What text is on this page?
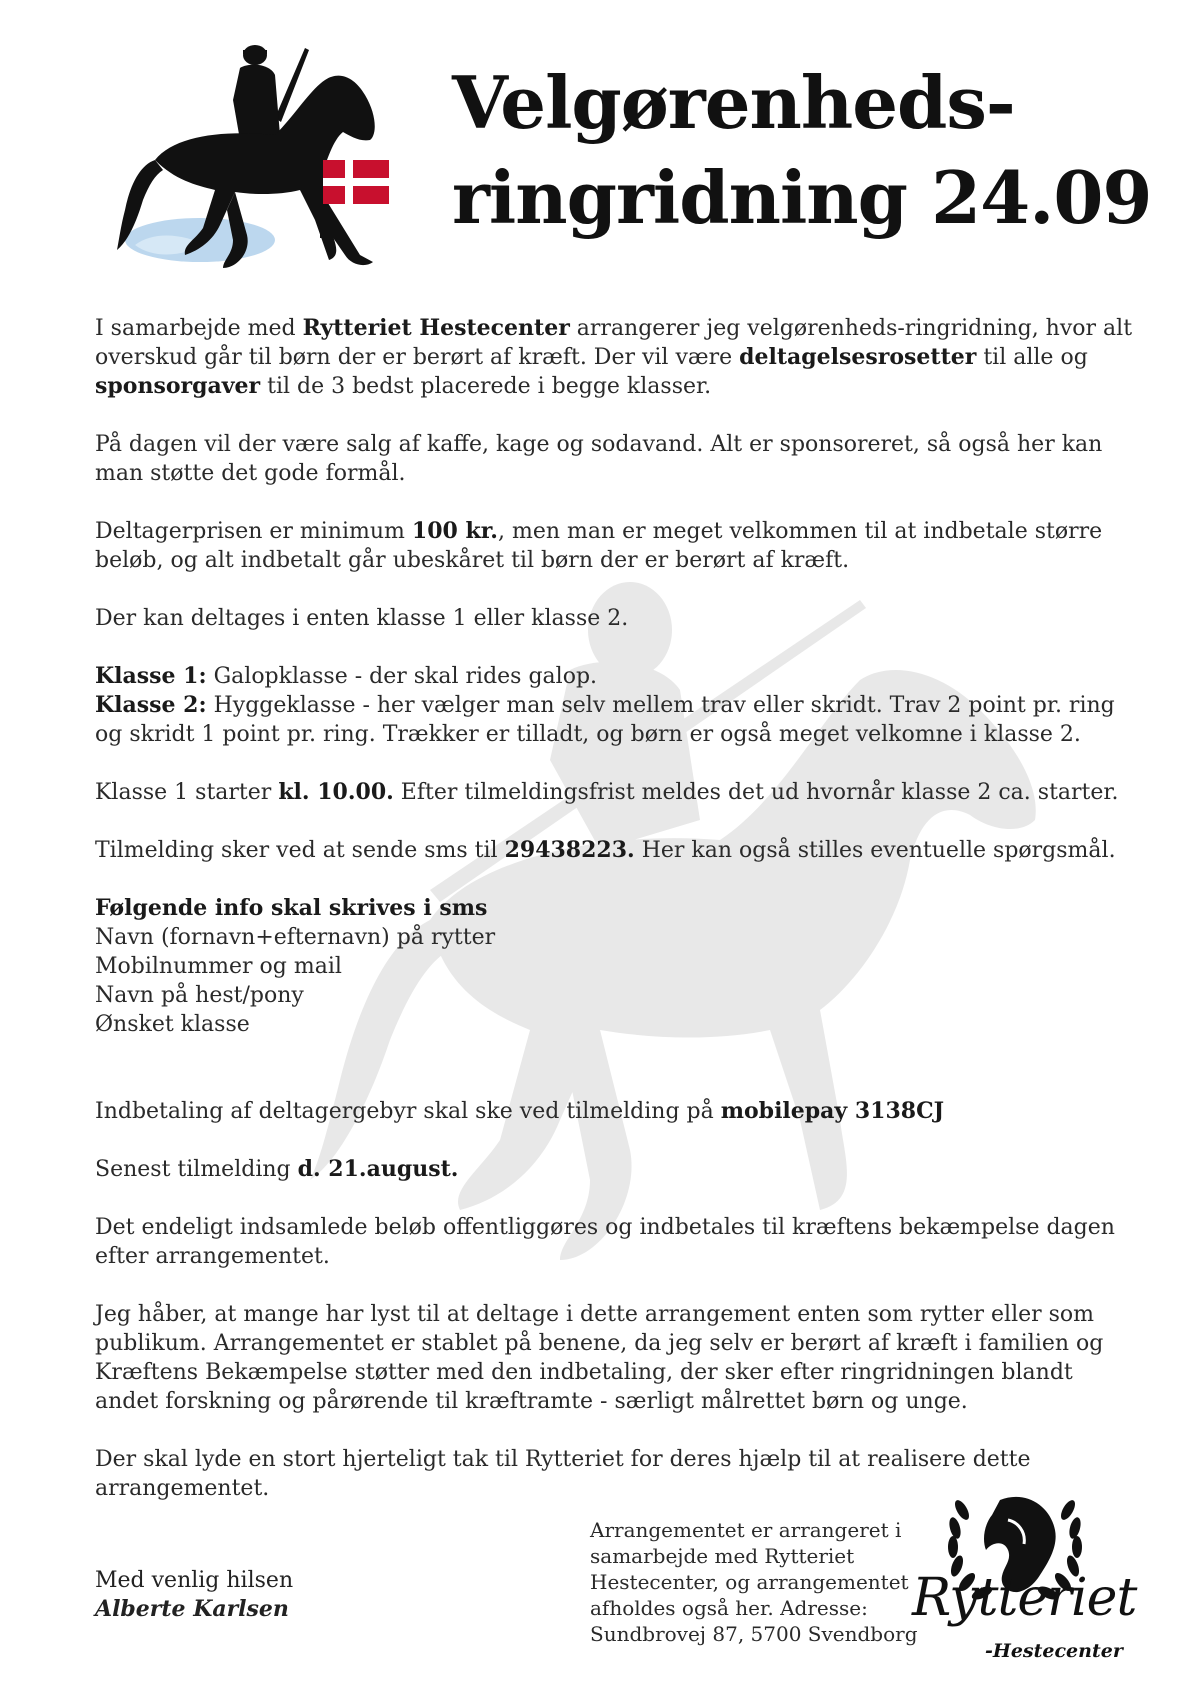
Velgørenheds-
ringridning 24.09

I samarbejde med Rytteriet Hestecenter arrangerer jeg velgørenheds-ringridning, hvor alt overskud går til børn der er berørt af kræft. Der vil være deltagelsesrosetter til alle og sponsorgaver til de 3 bedst placerede i begge klasser.

På dagen vil der være salg af kaffe, kage og sodavand. Alt er sponsoreret, så også her kan man støtte det gode formål.

Deltagerprisen er minimum 100 kr., men man er meget velkommen til at indbetale større beløb, og alt indbetalt går ubeskåret til børn der er berørt af kræft.

Der kan deltages i enten klasse 1 eller klasse 2.

Klasse 1: Galopklasse - der skal rides galop.

Klasse 2: Hyggeklasse - her vælger man selv mellem trav eller skridt. Trav 2 point pr. ring og skridt 1 point pr. ring. Trækker er tilladt, og børn er også meget velkomne i klasse 2.

Klasse 1 starter kl. 10.00. Efter tilmeldingsfrist meldes det ud hvornår klasse 2 ca. starter.

Tilmelding sker ved at sende sms til 29438223. Her kan også stilles eventuelle spørgsmål.

Følgende info skal skrives i sms
Navn (fornavn+efternavn) på rytter
Mobilnummer og mail
Navn på hest/pony
Ønsket klasse

Indbetaling af deltagergebyr skal ske ved tilmelding på mobilepay 3138CJ

Senest tilmelding d. 21.august.

Det endeligt indsamlede beløb offentliggøres og indbetales til kræftens bekæmpelse dagen efter arrangementet.

Jeg håber, at mange har lyst til at deltage i dette arrangement enten som rytter eller som publikum. Arrangementet er stablet på benene, da jeg selv er berørt af kræft i familien og Kræftens Bekæmpelse støtter med den indbetaling, der sker efter ringridningen blandt andet forskning og pårørende til kræftramte - særligt målrettet børn og unge.

Der skal lyde en stort hjerteligt tak til Rytteriet for deres hjælp til at realisere dette arrangementet.

Med venlig hilsen
Alberte Karlsen
Arrangementet er arrangeret i samarbejde med Rytteriet Hestecenter, og arrangementet afholdes også her. Adresse: Sundbrovej 87, 5700 Svendborg
Rytteriet
-Hestecenter
